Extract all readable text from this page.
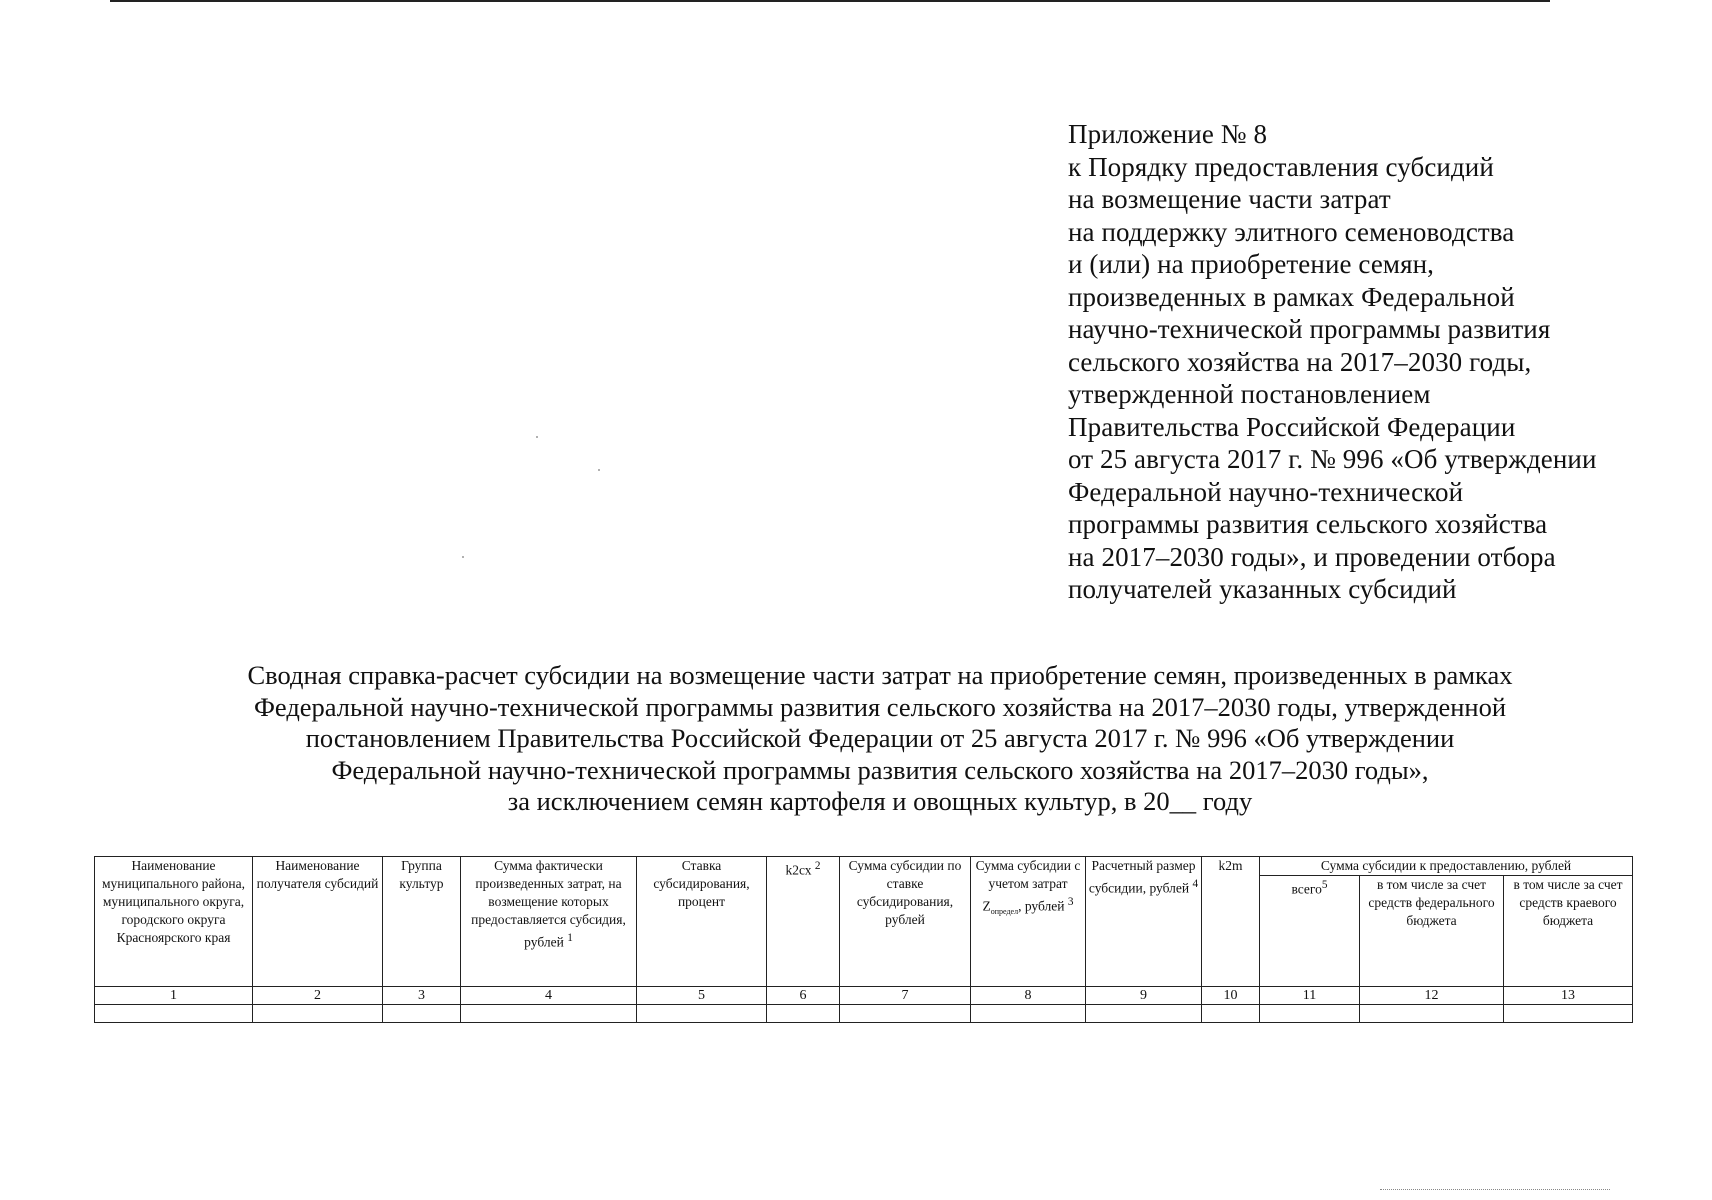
Приложение № 8
к Порядку предоставления субсидий
на возмещение части затрат
на поддержку элитного семеноводства
и (или) на приобретение семян,
произведенных в рамках Федеральной
научно-технической программы развития
сельского хозяйства на 2017–2030 годы,
утвержденной постановлением
Правительства Российской Федерации
от 25 августа 2017 г. № 996 «Об утверждении
Федеральной научно-технической
программы развития сельского хозяйства
на 2017–2030 годы», и проведении отбора
получателей указанных субсидий
Сводная справка-расчет субсидии на возмещение части затрат на приобретение семян, произведенных в рамках
Федеральной научно-технической программы развития сельского хозяйства на 2017–2030 годы, утвержденной
постановлением Правительства Российской Федерации от 25 августа 2017 г. № 996 «Об утверждении
Федеральной научно-технической программы развития сельского хозяйства на 2017–2030 годы»,
за исключением семян картофеля и овощных культур, в 20__ году
Наименование муниципального района, муниципального округа, городского округа Красноярского края	Наименование получателя субсидий	Группа культур	Сумма фактически произведенных затрат, на возмещение которых предоставляется субсидия, рублей $^1$	Ставка субсидирования, процент	k2сх $^2$	Сумма субсидии по ставке субсидирования, рублей	Сумма субсидии с учетом затрат $Z_{определ}$, рублей $^3$	Расчетный размер субсидии, рублей $^4$	k2m	Сумма субсидии к предоставлению, рублей		
										всего$^5$	в том числе за счет средств федерального бюджета	в том числе за счет средств краевого бюджета
1	2	3	4	5	6	7	8	9	10	11	12	13
